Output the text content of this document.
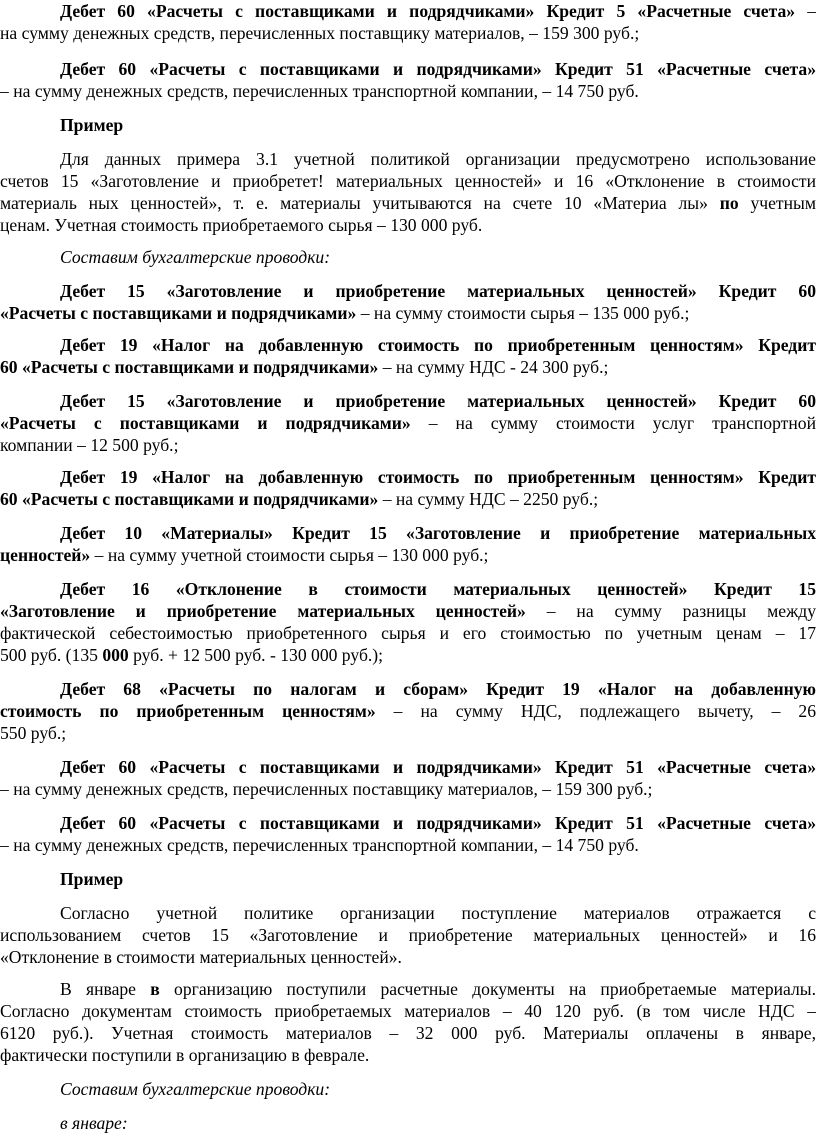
Дебет 60 «Расчеты с поставщиками и подрядчиками» Кредит 5 «Расчетные счета» –
на сумму денежных средств, перечисленных поставщику материалов, – 159 300 руб.;
Дебет 60 «Расчеты с поставщиками и подрядчиками» Кредит 51 «Расчетные счета»
– на сумму денежных средств, перечисленных транспортной компании, – 14 750 руб.
Пример
Для данных примера 3.1 учетной политикой организации предусмотрено использование
счетов 15 «Заготовление и приобретет! материальных ценностей» и 16 «Отклонение в стоимости
материаль ных ценностей», т. е. материалы учитываются на счете 10 «Материа лы» по учетным
ценам. Учетная стоимость приобретаемого сырья – 130 000 руб.
Составим бухгалтерские проводки:
Дебет 15 «Заготовление и приобретение материальных ценностей» Кредит 60
«Расчеты с поставщиками и подрядчиками» – на сумму стоимости сырья – 135 000 руб.;
Дебет 19 «Налог на добавленную стоимость по приобретенным ценностям» Кредит
60 «Расчеты с поставщиками и подрядчиками» – на сумму НДС - 24 300 руб.;
Дебет 15 «Заготовление и приобретение материальных ценностей» Кредит 60
«Расчеты с поставщиками и подрядчиками» – на сумму стоимости услуг транспортной
компании – 12 500 руб.;
Дебет 19 «Налог на добавленную стоимость по приобретенным ценностям» Кредит
60 «Расчеты с поставщиками и подрядчиками» – на сумму НДС – 2250 руб.;
Дебет 10 «Материалы» Кредит 15 «Заготовление и приобретение материальных
ценностей» – на сумму учетной стоимости сырья – 130 000 руб.;
Дебет 16 «Отклонение в стоимости материальных ценностей» Кредит 15
«Заготовление и приобретение материальных ценностей» – на сумму разницы между
фактической себестоимостью приобретенного сырья и его стоимостью по учетным ценам – 17
500 руб. (135 000 руб. + 12 500 руб. - 130 000 руб.);
Дебет 68 «Расчеты по налогам и сборам» Кредит 19 «Налог на добавленную
стоимость по приобретенным ценностям» – на сумму НДС, подлежащего вычету, – 26
550 руб.;
Дебет 60 «Расчеты с поставщиками и подрядчиками» Кредит 51 «Расчетные счета»
– на сумму денежных средств, перечисленных поставщику материалов, – 159 300 руб.;
Дебет 60 «Расчеты с поставщиками и подрядчиками» Кредит 51 «Расчетные счета»
– на сумму денежных средств, перечисленных транспортной компании, – 14 750 руб.
Пример
Согласно учетной политике организации поступление материалов отражается с
использованием счетов 15 «Заготовление и приобретение материальных ценностей» и 16
«Отклонение в стоимости материальных ценностей».
В январе в организацию поступили расчетные документы на приобретаемые материалы.
Согласно документам стоимость приобретаемых материалов – 40 120 руб. (в том числе НДС –
6120 руб.). Учетная стоимость материалов – 32 000 руб. Материалы оплачены в январе,
фактически поступили в организацию в феврале.
Составим бухгалтерские проводки:
в январе:
